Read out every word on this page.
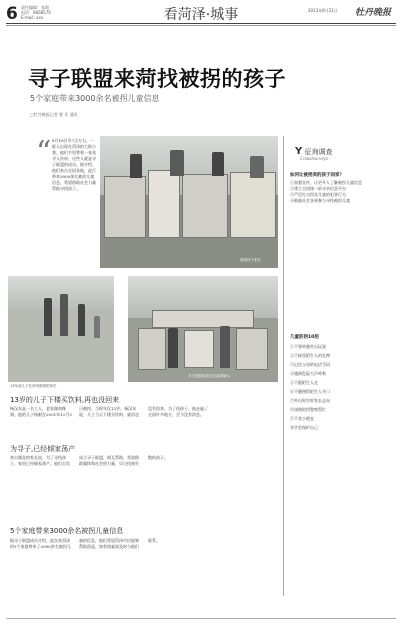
6 责任编辑：张莉
电话：6668570
E-mail: xxx	看菏泽·城事	2013年8月21日 牡丹晚报
寻子联盟来菏找被拐的孩子
5个家庭带来3000余名被拐儿童信息
□牡丹晚报记者 曹 菲 通讯
“ 8月18日早7点左右，一群人出现在菏泽的大街小巷，他们手里拿着一张张寻人传单，这些人就是寻子联盟的成员。据介绍，他们来自全国各地，此行带来3000余名被拐儿童信息，希望借助社会力量帮助寻找孩子。
被拐孩子家长
13年前儿子在晋州被拐的家长
寻子联盟的成员在菏泽街头
13岁的儿子下楼买饮料,再也没回来
杨汉东是一名工人，老家湖南株洲。他的儿子杨毅在2001年12月3日被拐，当时年仅13岁。杨汉东说，儿子当天下楼买饮料，就再也没有回来。为了找孩子，他走遍了全国许多地方，至今没有消息。
为寻子,已经倾家荡产
来自湖北的家长说，为了寻找孩子，家里已经倾家荡产。他们自发成立寻子联盟，相互帮助，希望借助媒体和社会的力量，早日找到失散的孩子。
5个家庭带来3000余名被拐儿童信息
据寻子联盟成员介绍，此次来菏泽的5个家庭带来了3000余名被拐儿童的信息，他们希望菏泽市民能够帮助留意，如有线索请及时与他们联系。
Y 征询调查
Crowdsurveys
如何让被拐卖的孩子回家？
①加强宣传，让更多人了解被拐儿童信息
②建立全国统一的寻亲信息平台
③严厉打击拐卖儿童的犯罪行为
④鼓励社会各界参与寻找被拐儿童
几童防拐10招
①不要单独外出玩耍
②不接受陌生人的礼物
③记住父母的电话号码
④遇到危险大声呼救
⑤不跟陌生人走
⑥不随便给陌生人开门
⑦外出时告诉家长去向
⑧迷路时找警察帮忙
⑨不贪小便宜
⑩学会保护自己
